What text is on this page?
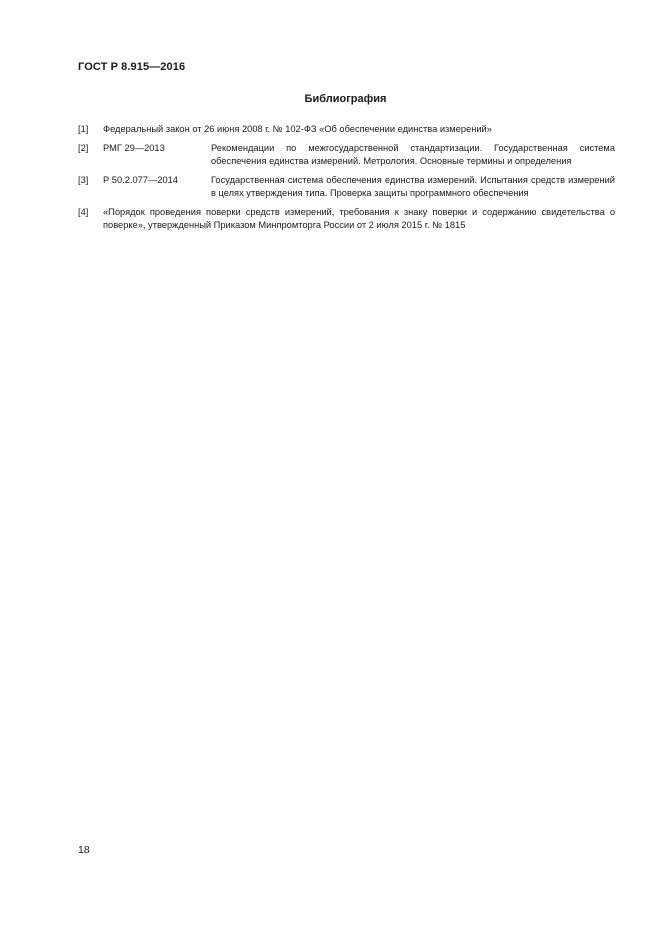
ГОСТ Р 8.915—2016
Библиография
[1]	Федеральный закон от 26 июня 2008 г. № 102-ФЗ «Об обеспечении единства измерений»
[2]	РМГ 29—2013	Рекомендации по межгосударственной стандартизации. Государственная система обеспечения единства измерений. Метрология. Основные термины и определения
[3]	Р 50.2.077—2014	Государственная система обеспечения единства измерений. Испытания средств измерений в целях утверждения типа. Проверка защиты программного обеспечения
[4]	«Порядок проведения поверки средств измерений, требования к знаку поверки и содержанию свидетельства о поверке», утвержденный Приказом Минпромторга России от 2 июля 2015 г. № 1815
18
